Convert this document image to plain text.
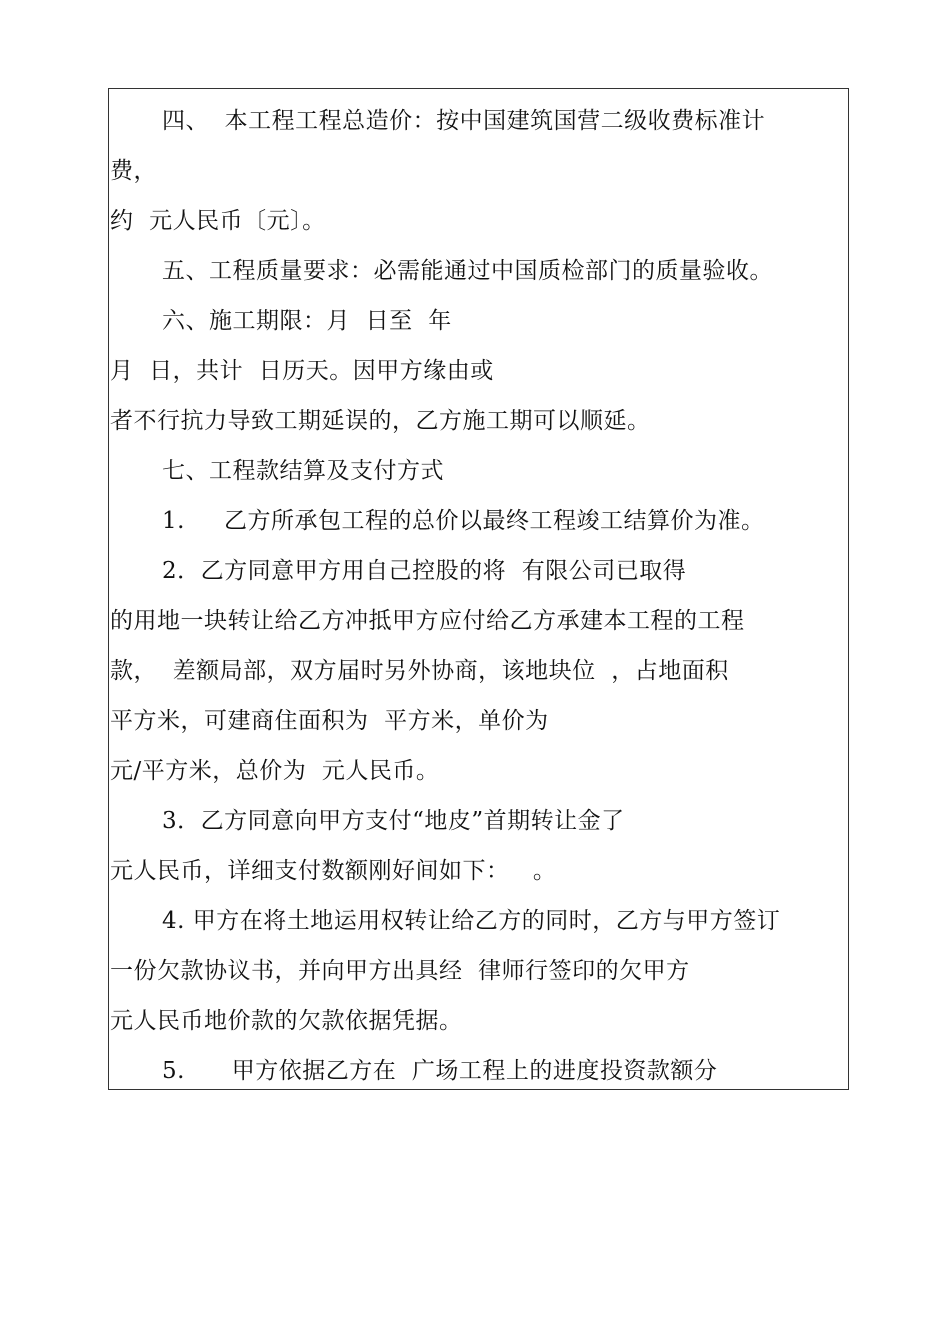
四、  本工程工程总造价：按中国建筑国营二级收费标准计
费，
约  元人民币〔元〕。
五、工程质量要求：必需能通过中国质检部门的质量验收。
六、施工期限：月  日至  年
月  日，共计  日历天。因甲方缘由或
者不行抗力导致工期延误的，乙方施工期可以顺延。
七、工程款结算及支付方式
1.     乙方所承包工程的总价以最终工程竣工结算价为准。
2．乙方同意甲方用自己控股的将  有限公司已取得
的用地一块转让给乙方冲抵甲方应付给乙方承建本工程的工程
款，  差额局部，双方届时另外协商，该地块位  ，占地面积
平方米，可建商住面积为  平方米，单价为
元/平方米，总价为  元人民币。
3．乙方同意向甲方支付“地皮”首期转让金了
元人民币，详细支付数额刚好间如下：   。
4. 甲方在将土地运用权转让给乙方的同时，乙方与甲方签订
一份欠款协议书，并向甲方出具经  律师行签印的欠甲方
元人民币地价款的欠款依据凭据。
5.      甲方依据乙方在  广场工程上的进度投资款额分
